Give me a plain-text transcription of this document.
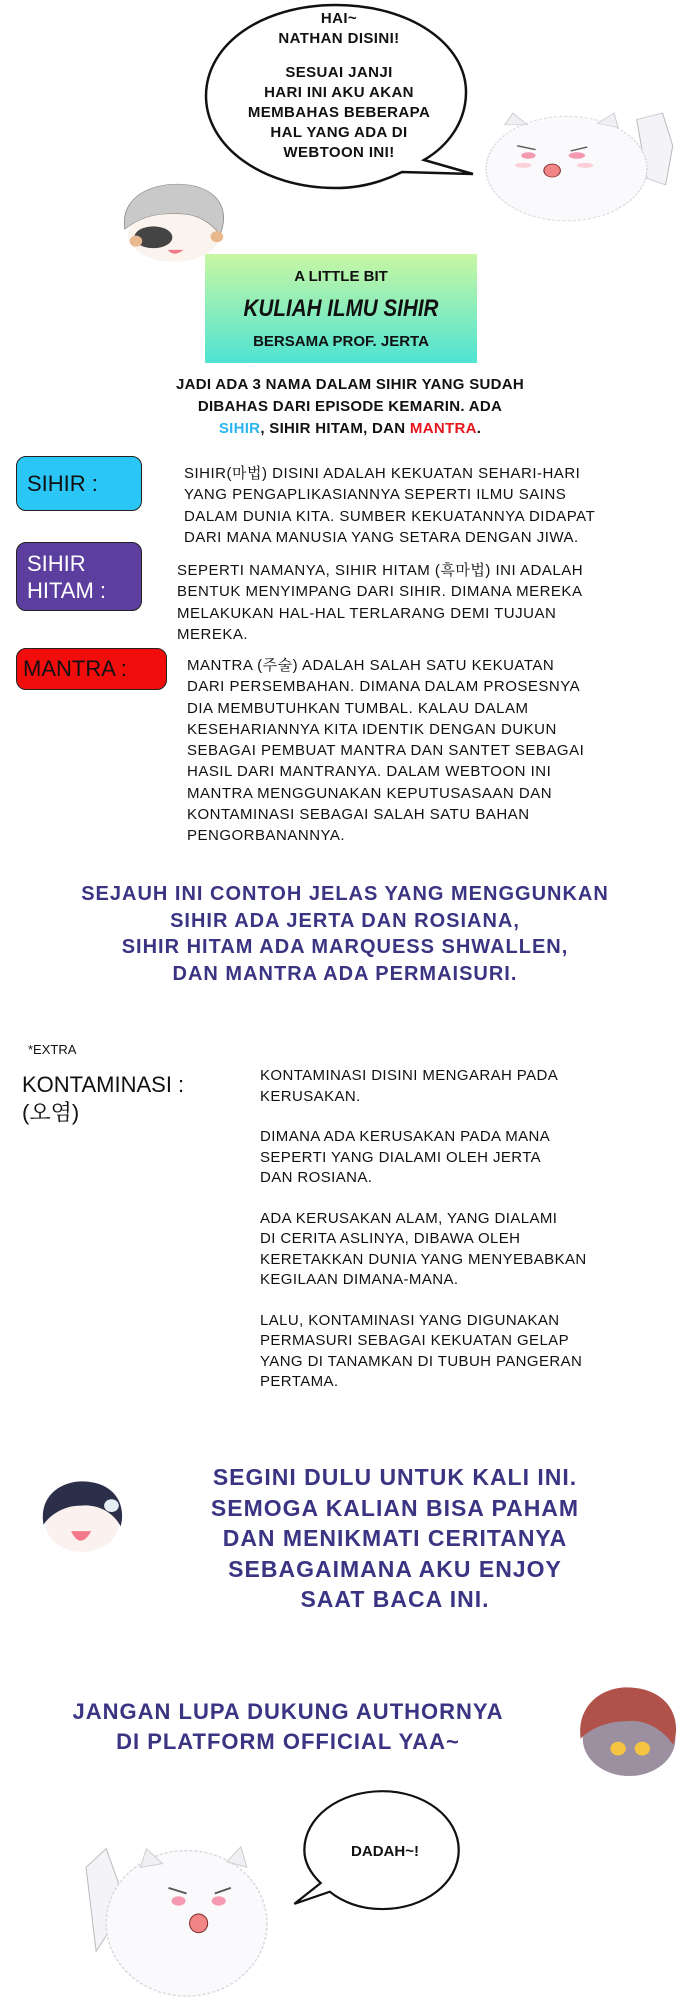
HAI~
NATHAN DISINI!
SESUAI JANJI
HARI INI AKU AKAN
MEMBAHAS BEBERAPA
HAL YANG ADA DI
WEBTOON INI!
A LITTLE BIT
KULIAH ILMU SIHIR
BERSAMA PROF. JERTA
JADI ADA 3 NAMA DALAM SIHIR YANG SUDAH
DIBAHAS DARI EPISODE KEMARIN. ADA
SIHIR, SIHIR HITAM, DAN MANTRA.
SIHIR :	SIHIR(마법) DISINI ADALAH KEKUATAN SEHARI-HARI
YANG PENGAPLIKASIANNYA SEPERTI ILMU SAINS
DALAM DUNIA KITA. SUMBER KEKUATANNYA DIDAPAT
DARI MANA MANUSIA YANG SETARA DENGAN JIWA.
SIHIR
HITAM :
SEPERTI NAMANYA, SIHIR HITAM (흑마법) INI ADALAH
BENTUK MENYIMPANG DARI SIHIR. DIMANA MEREKA
MELAKUKAN HAL-HAL TERLARANG DEMI TUJUAN
MEREKA.
MANTRA :	MANTRA (주술) ADALAH SALAH SATU KEKUATAN
DARI PERSEMBAHAN. DIMANA DALAM PROSESNYA
DIA MEMBUTUHKAN TUMBAL. KALAU DALAM
KESEHARIANNYA KITA IDENTIK DENGAN DUKUN
SEBAGAI PEMBUAT MANTRA DAN SANTET SEBAGAI
HASIL DARI MANTRANYA. DALAM WEBTOON INI
MANTRA MENGGUNAKAN KEPUTUSASAAN DAN
KONTAMINASI SEBAGAI SALAH SATU BAHAN
PENGORBANANNYA.
SEJAUH INI CONTOH JELAS YANG MENGGUNKAN
SIHIR ADA JERTA DAN ROSIANA,
SIHIR HITAM ADA MARQUESS SHWALLEN,
DAN MANTRA ADA PERMAISURI.
*EXTRA
KONTAMINASI :
(오염)
KONTAMINASI DISINI MENGARAH PADA
KERUSAKAN.
DIMANA ADA KERUSAKAN PADA MANA
SEPERTI YANG DIALAMI OLEH JERTA
DAN ROSIANA.
ADA KERUSAKAN ALAM, YANG DIALAMI
DI CERITA ASLINYA, DIBAWA OLEH
KERETAKKAN DUNIA YANG MENYEBABKAN
KEGILAAN DIMANA-MANA.
LALU, KONTAMINASI YANG DIGUNAKAN
PERMASURI SEBAGAI KEKUATAN GELAP
YANG DI TANAMKAN DI TUBUH PANGERAN
PERTAMA.
SEGINI DULU UNTUK KALI INI.
SEMOGA KALIAN BISA PAHAM
DAN MENIKMATI CERITANYA
SEBAGAIMANA AKU ENJOY
SAAT BACA INI.
JANGAN LUPA DUKUNG AUTHORNYA
DI PLATFORM OFFICIAL YAA~
DADAH~!
